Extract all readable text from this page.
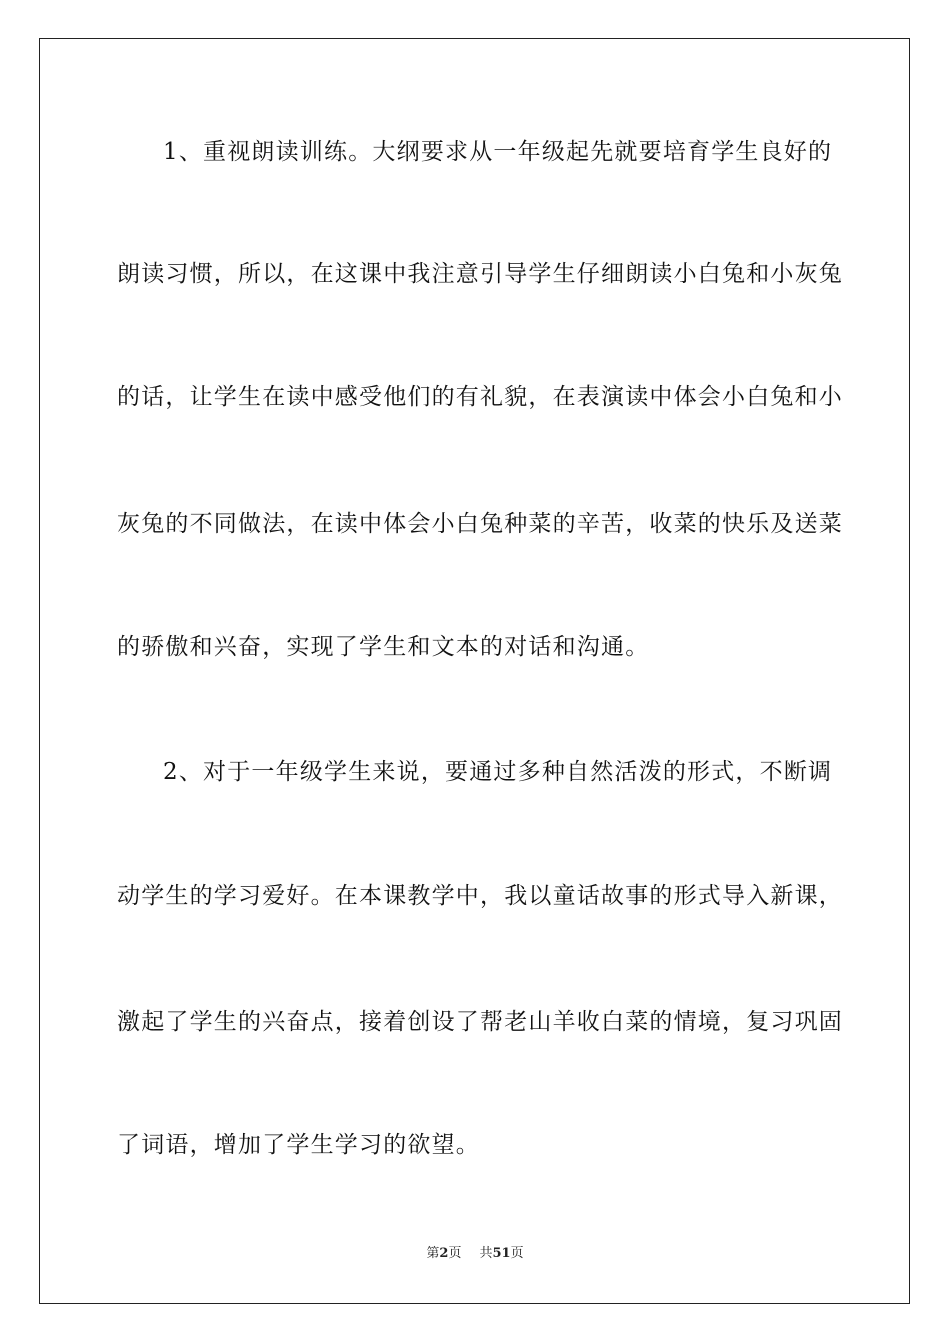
1、重视朗读训练。大纲要求从一年级起先就要培育学生良好的
朗读习惯，所以，在这课中我注意引导学生仔细朗读小白兔和小灰兔
的话，让学生在读中感受他们的有礼貌，在表演读中体会小白兔和小
灰兔的不同做法，在读中体会小白兔种菜的辛苦，收菜的快乐及送菜
的骄傲和兴奋，实现了学生和文本的对话和沟通。
2、对于一年级学生来说，要通过多种自然活泼的形式，不断调
动学生的学习爱好。在本课教学中，我以童话故事的形式导入新课，
激起了学生的兴奋点，接着创设了帮老山羊收白菜的情境，复习巩固
了词语，增加了学生学习的欲望。
第2页 共51页
